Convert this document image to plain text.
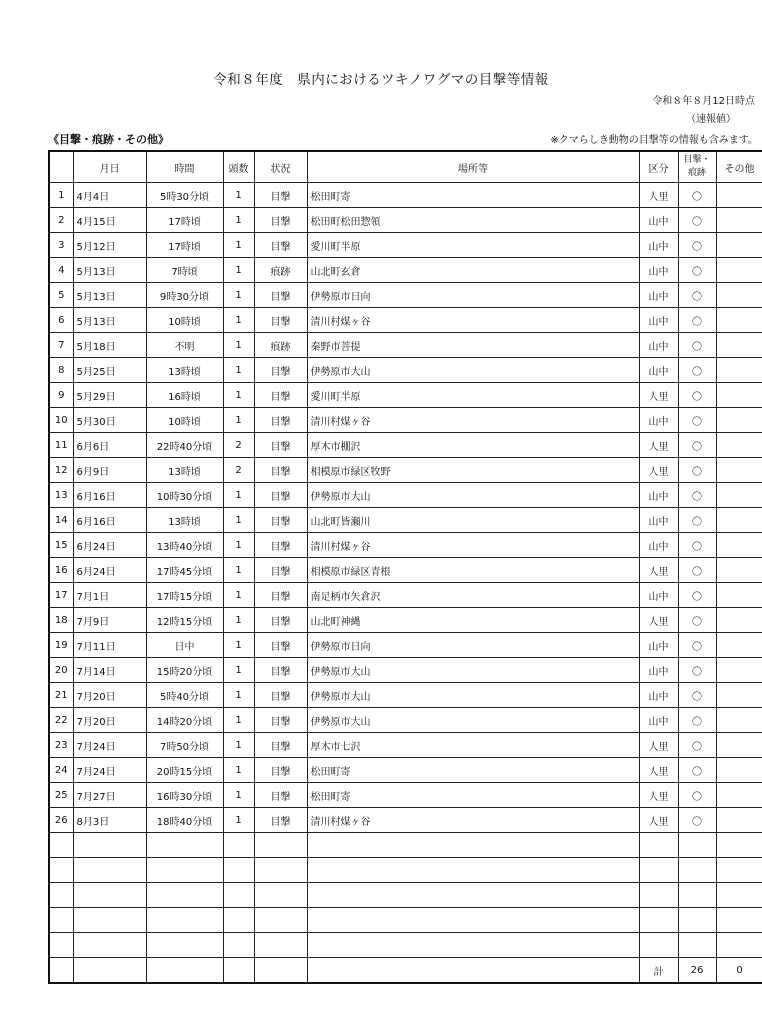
令和８年度　県内におけるツキノワグマの目撃等情報
令和８年８月12日時点
（速報値）
《目撃・痕跡・その他》	※クマらしき動物の目撃等の情報も含みます。
	月日	時間	頭数	状況	場所等	区分	目撃・痕跡	その他
1	4月4日	5時30分頃	1	目撃	松田町寄	人里	〇	
2	4月15日	17時頃	1	目撃	松田町松田惣領	山中	〇	
3	5月12日	17時頃	1	目撃	愛川町半原	山中	〇	
4	5月13日	7時頃	1	痕跡	山北町玄倉	山中	〇	
5	5月13日	9時30分頃	1	目撃	伊勢原市日向	山中	〇	
6	5月13日	10時頃	1	目撃	清川村煤ヶ谷	山中	〇	
7	5月18日	不明	1	痕跡	秦野市菩提	山中	〇	
8	5月25日	13時頃	1	目撃	伊勢原市大山	山中	〇	
9	5月29日	16時頃	1	目撃	愛川町半原	人里	〇	
10	5月30日	10時頃	1	目撃	清川村煤ヶ谷	山中	〇	
11	6月6日	22時40分頃	2	目撃	厚木市棚沢	人里	〇	
12	6月9日	13時頃	2	目撃	相模原市緑区牧野	人里	〇	
13	6月16日	10時30分頃	1	目撃	伊勢原市大山	山中	〇	
14	6月16日	13時頃	1	目撃	山北町皆瀬川	山中	〇	
15	6月24日	13時40分頃	1	目撃	清川村煤ヶ谷	山中	〇	
16	6月24日	17時45分頃	1	目撃	相模原市緑区青根	人里	〇	
17	7月1日	17時15分頃	1	目撃	南足柄市矢倉沢	山中	〇	
18	7月9日	12時15分頃	1	目撃	山北町神縄	人里	〇	
19	7月11日	日中	1	目撃	伊勢原市日向	山中	〇	
20	7月14日	15時20分頃	1	目撃	伊勢原市大山	山中	〇	
21	7月20日	5時40分頃	1	目撃	伊勢原市大山	山中	〇	
22	7月20日	14時20分頃	1	目撃	伊勢原市大山	山中	〇	
23	7月24日	7時50分頃	1	目撃	厚木市七沢	人里	〇	
24	7月24日	20時15分頃	1	目撃	松田町寄	人里	〇	
25	7月27日	16時30分頃	1	目撃	松田町寄	人里	〇	
26	8月3日	18時40分頃	1	目撃	清川村煤ヶ谷	人里	〇	

						計	26	0
